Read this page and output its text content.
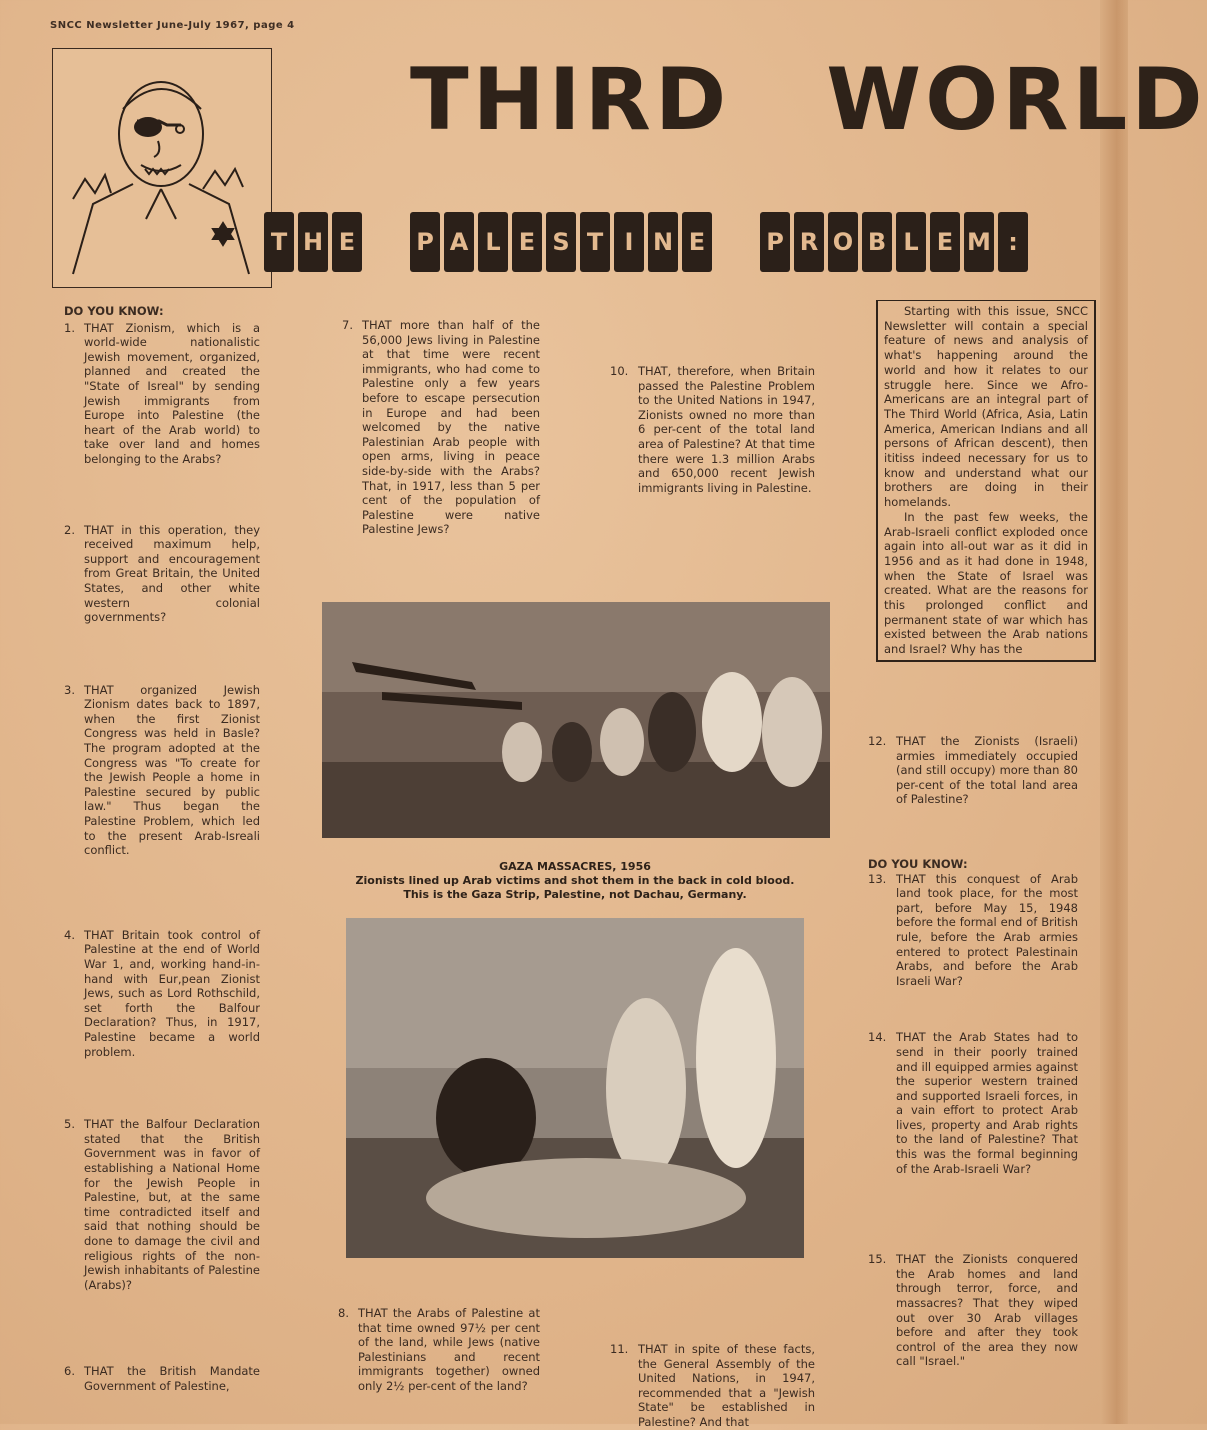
SNCC Newsletter June-July 1967, page 4
THIRD WORLD
T H E	P A L E S T I N E	P R O B L E M :

DO YOU KNOW:

1. THAT Zionism, which is a world-wide nationalistic Jewish movement, organized, planned and created the "State of Isreal" by sending Jewish immigrants from Europe into Palestine (the heart of the Arab world) to take over land and homes belonging to the Arabs?
2. THAT in this operation, they received maximum help, support and encouragement from Great Britain, the United States, and other white western colonial governments?
3. THAT organized Jewish Zionism dates back to 1897, when the first Zionist Congress was held in Basle? The program adopted at the Congress was "To create for the Jewish People a home in Palestine secured by public law." Thus began the Palestine Problem, which led to the present Arab-Isreali conflict.
4. THAT Britain took control of Palestine at the end of World War 1, and, working hand-in-hand with Eur,pean Zionist Jews, such as Lord Rothschild, set forth the Balfour Declaration? Thus, in 1917, Palestine became a world problem.
5. THAT the Balfour Declaration stated that the British Government was in favor of establishing a National Home for the Jewish People in Palestine, but, at the same time contradicted itself and said that nothing should be done to damage the civil and religious rights of the non-Jewish inhabitants of Palestine (Arabs)?
6. THAT the British Mandate Government of Palestine,
7. THAT more than half of the 56,000 Jews living in Palestine at that time were recent immigrants, who had come to Palestine only a few years before to escape persecution in Europe and had been welcomed by the native Palestinian Arab people with open arms, living in peace side-by-side with the Arabs? That, in 1917, less than 5 per cent of the population of Palestine were native Palestine Jews?
8. THAT the Arabs of Palestine at that time owned 97½ per cent of the land, while Jews (native Palestinians and recent immigrants together) owned only 2½ per-cent of the land?
10. THAT, therefore, when Britain passed the Palestine Problem to the United Nations in 1947, Zionists owned no more than 6 per-cent of the total land area of Palestine? At that time there were 1.3 million Arabs and 650,000 recent Jewish immigrants living in Palestine.
11. THAT in spite of these facts, the General Assembly of the United Nations, in 1947, recommended that a "Jewish State" be established in Palestine? And that

Starting with this issue, SNCC Newsletter will contain a special feature of news and analysis of what's happening around the world and how it relates to our struggle here. Since we Afro-Americans are an integral part of The Third World (Africa, Asia, Latin America, American Indians and all persons of African descent), then ititiss indeed necessary for us to know and understand what our brothers are doing in their homelands.

In the past few weeks, the Arab-Israeli conflict exploded once again into all-out war as it did in 1956 and as it had done in 1948, when the State of Israel was created. What are the reasons for this prolonged conflict and permanent state of war which has existed between the Arab nations and Israel? Why has the

12. THAT the Zionists (Israeli) armies immediately occupied (and still occupy) more than 80 per-cent of the total land area of Palestine?

DO YOU KNOW:

13. THAT this conquest of Arab land took place, for the most part, before May 15, 1948 before the formal end of British rule, before the Arab armies entered to protect Palestinain Arabs, and before the Arab Israeli War?
14. THAT the Arab States had to send in their poorly trained and ill equipped armies against the superior western trained and supported Israeli forces, in a vain effort to protect Arab lives, property and Arab rights to the land of Palestine? That this was the formal beginning of the Arab-Israeli War?
15. THAT the Zionists conquered the Arab homes and land through terror, force, and massacres? That they wiped out over 30 Arab villages before and after they took control of the area they now call "Israel."
GAZA MASSACRES, 1956
Zionists lined up Arab victims and shot them in the back in cold blood. This is the Gaza Strip, Palestine, not Dachau, Germany.
